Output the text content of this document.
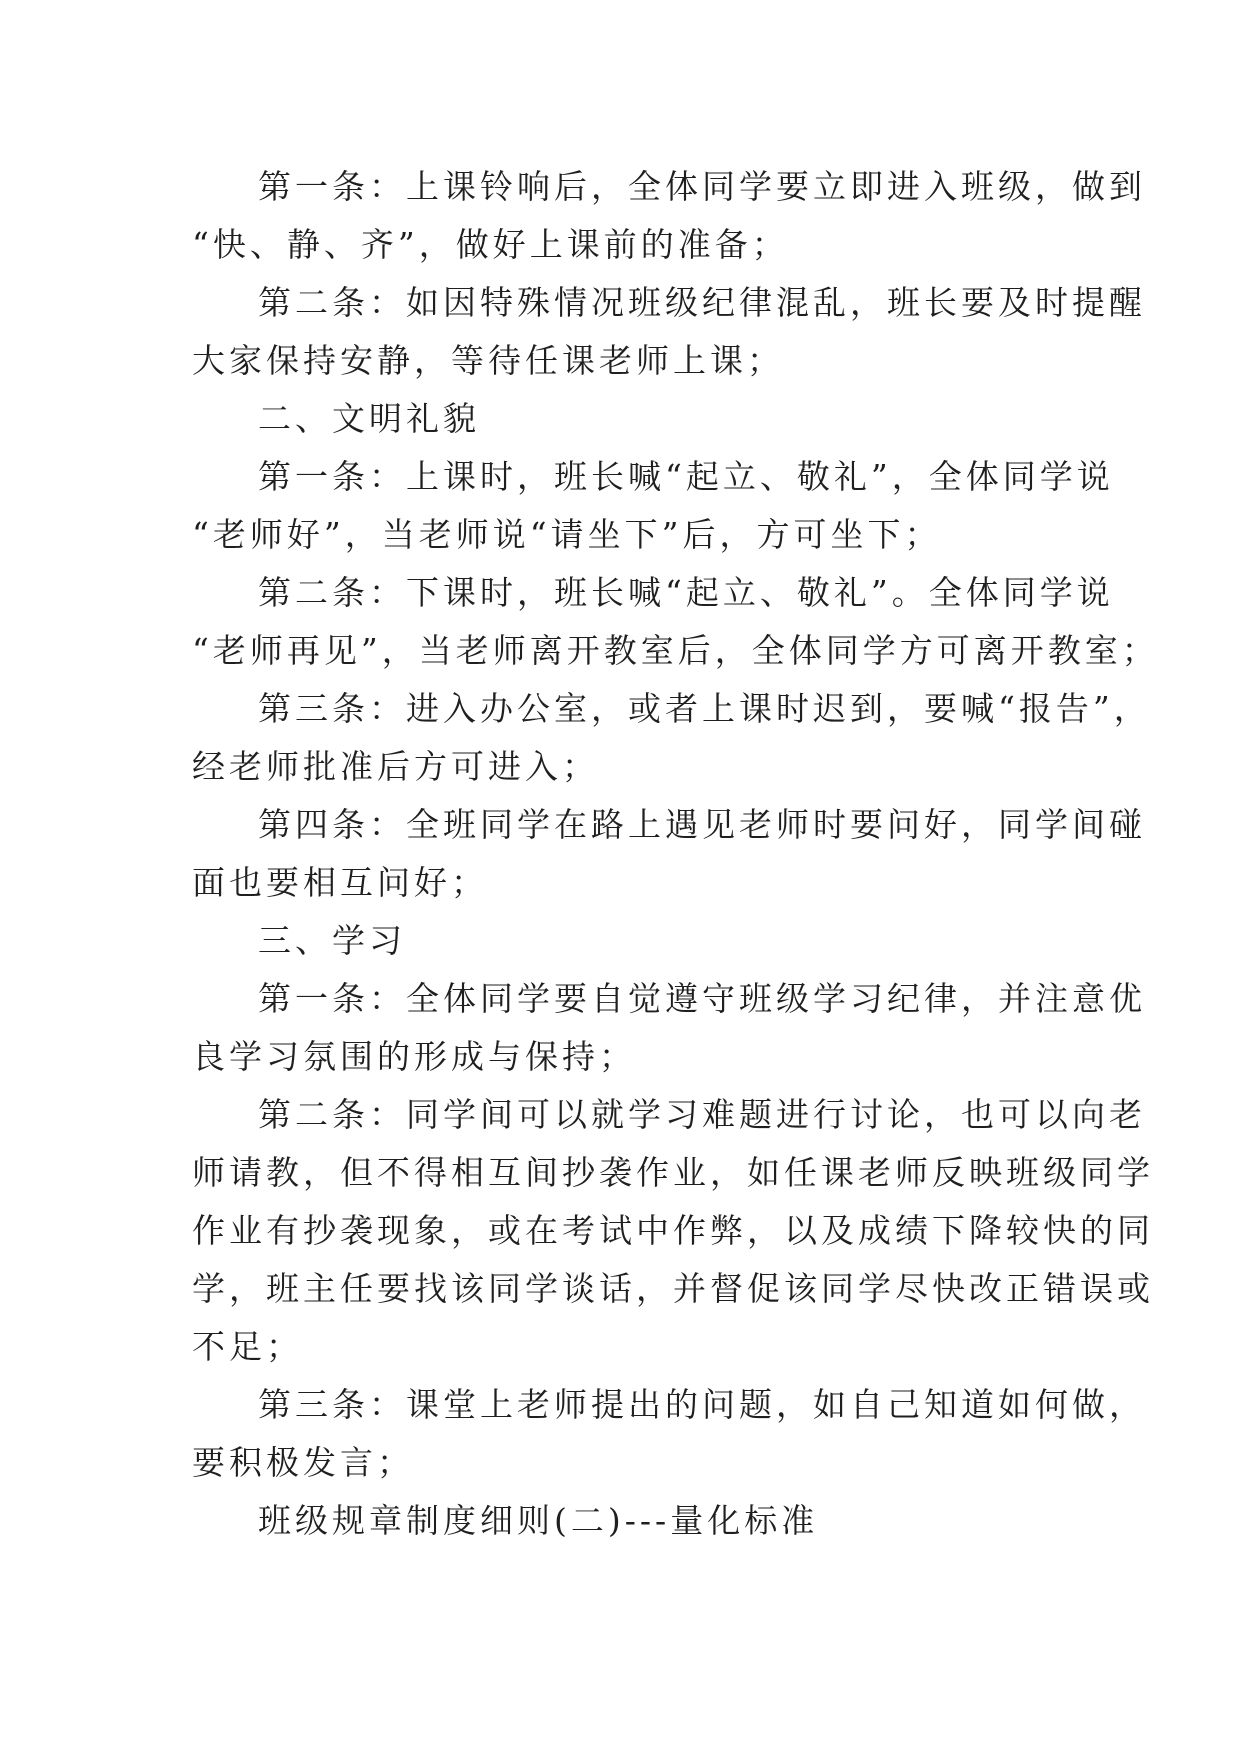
第一条：上课铃响后，全体同学要立即进入班级，做到
“快、静、齐”，做好上课前的准备；
第二条：如因特殊情况班级纪律混乱，班长要及时提醒
大家保持安静，等待任课老师上课；
二、文明礼貌
第一条：上课时，班长喊“起立、敬礼”，全体同学说
“老师好”，当老师说“请坐下”后，方可坐下；
第二条：下课时，班长喊“起立、敬礼”。全体同学说
“老师再见”，当老师离开教室后，全体同学方可离开教室；
第三条：进入办公室，或者上课时迟到，要喊“报告”，
经老师批准后方可进入；
第四条：全班同学在路上遇见老师时要问好，同学间碰
面也要相互问好；
三、学习
第一条：全体同学要自觉遵守班级学习纪律，并注意优
良学习氛围的形成与保持；
第二条：同学间可以就学习难题进行讨论，也可以向老
师请教，但不得相互间抄袭作业，如任课老师反映班级同学
作业有抄袭现象，或在考试中作弊，以及成绩下降较快的同
学，班主任要找该同学谈话，并督促该同学尽快改正错误或
不足；
第三条：课堂上老师提出的问题，如自己知道如何做，
要积极发言；
班级规章制度细则(二)---量化标准
